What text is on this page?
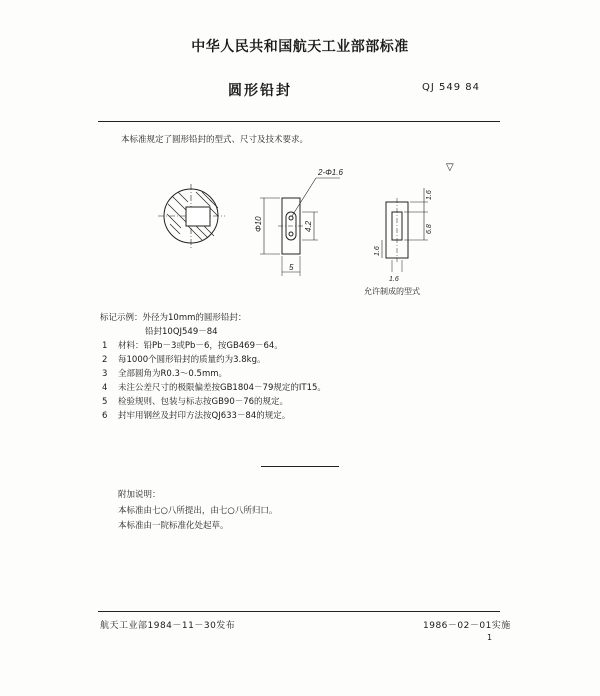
中华人民共和国航天工业部部标准
圆形铅封	QJ 549 84
本标准规定了圆形铅封的型式、尺寸及技术要求。
2-Φ1.6
Φ10	4.2
5
1.6
6.8
1.6
1.6
▽
允许制成的型式
标记示例：外径为10mm的圆形铅封：
铅封10QJ549－84
1 材料：铅Pb－3或Pb－6，按GB469－64。
2 每1000个圆形铅封的质量约为3.8kg。
3 全部圆角为R0.3～0.5mm。
4 未注公差尺寸的极限偏差按GB1804－79规定的IT15。
5 检验规则、包装与标志按GB90－76的规定。
6 封牢用钢丝及封印方法按QJ633－84的规定。
附加说明：
本标准由七○八所提出，由七○八所归口。
本标准由一院标准化处起草。
航天工业部1984－11－30发布	1986－02－01实施
1
